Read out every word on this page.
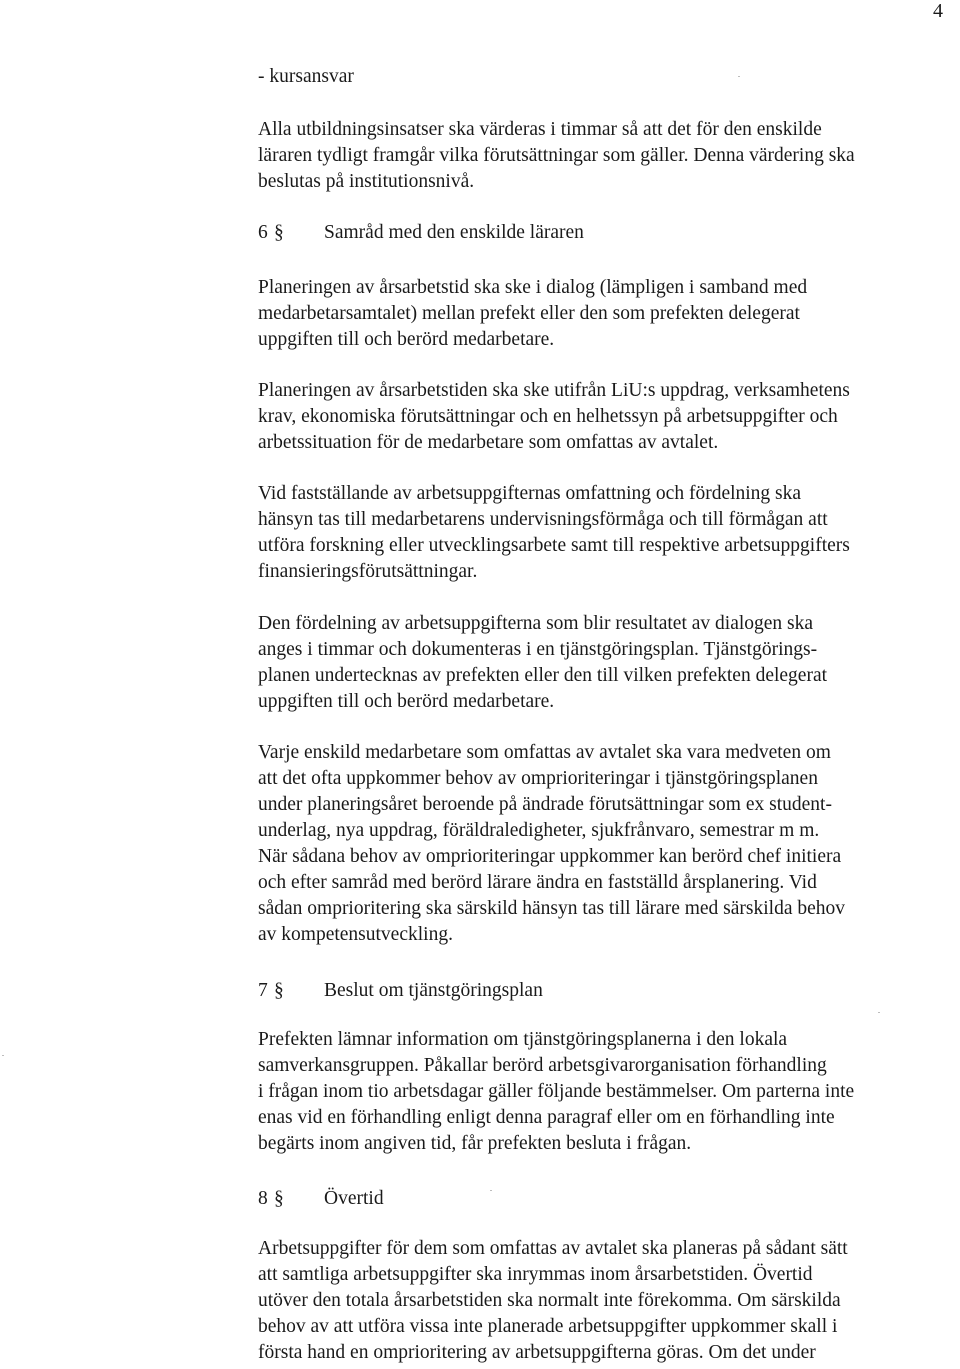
4
- kursansvar
Alla utbildningsinsatser ska värderas i timmar så att det för den enskilde
läraren tydligt framgår vilka förutsättningar som gäller. Denna värdering ska
beslutas på institutionsnivå.
6 § Samråd med den enskilde läraren
Planeringen av årsarbetstid ska ske i dialog (lämpligen i samband med
medarbetarsamtalet) mellan prefekt eller den som prefekten delegerat
uppgiften till och berörd medarbetare.
Planeringen av årsarbetstiden ska ske utifrån LiU:s uppdrag, verksamhetens
krav, ekonomiska förutsättningar och en helhetssyn på arbetsuppgifter och
arbetssituation för de medarbetare som omfattas av avtalet.
Vid fastställande av arbetsuppgifternas omfattning och fördelning ska
hänsyn tas till medarbetarens undervisningsförmåga och till förmågan att
utföra forskning eller utvecklingsarbete samt till respektive arbetsuppgifters
finansieringsförutsättningar.
Den fördelning av arbetsuppgifterna som blir resultatet av dialogen ska
anges i timmar och dokumenteras i en tjänstgöringsplan. Tjänstgörings-
planen undertecknas av prefekten eller den till vilken prefekten delegerat
uppgiften till och berörd medarbetare.
Varje enskild medarbetare som omfattas av avtalet ska vara medveten om
att det ofta uppkommer behov av omprioriteringar i tjänstgöringsplanen
under planeringsåret beroende på ändrade förutsättningar som ex student-
underlag, nya uppdrag, föräldraledigheter, sjukfrånvaro, semestrar m m.
När sådana behov av omprioriteringar uppkommer kan berörd chef initiera
och efter samråd med berörd lärare ändra en fastställd årsplanering. Vid
sådan omprioritering ska särskild hänsyn tas till lärare med särskilda behov
av kompetensutveckling.
7 § Beslut om tjänstgöringsplan
Prefekten lämnar information om tjänstgöringsplanerna i den lokala
samverkansgruppen. Påkallar berörd arbetsgivarorganisation förhandling
i frågan inom tio arbetsdagar gäller följande bestämmelser. Om parterna inte
enas vid en förhandling enligt denna paragraf eller om en förhandling inte
begärts inom angiven tid, får prefekten besluta i frågan.
8 § Övertid
Arbetsuppgifter för dem som omfattas av avtalet ska planeras på sådant sätt
att samtliga arbetsuppgifter ska inrymmas inom årsarbetstiden. Övertid
utöver den totala årsarbetstiden ska normalt inte förekomma. Om särskilda
behov av att utföra vissa inte planerade arbetsuppgifter uppkommer skall i
första hand en omprioritering av arbetsuppgifterna göras. Om det under
